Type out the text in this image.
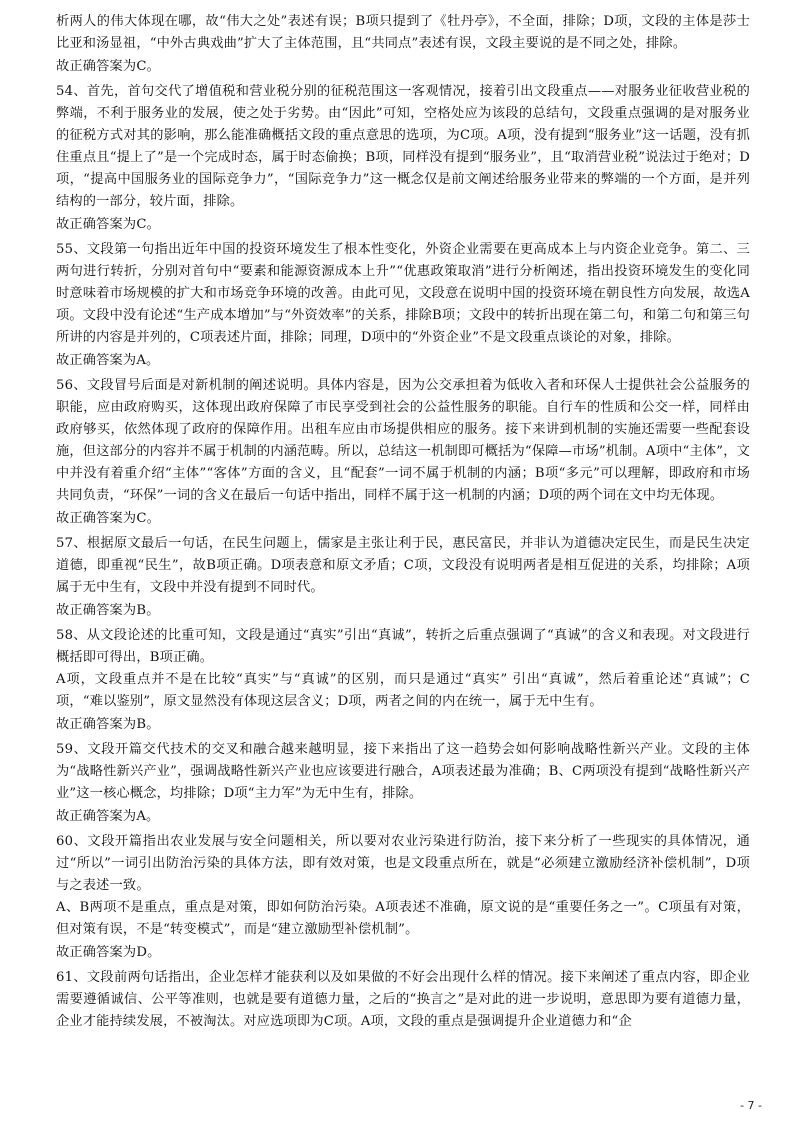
析两人的伟大体现在哪，故“伟大之处”表述有误；B项只提到了《牡丹亭》，不全面，排除；D项，文段的主体是莎士比亚和汤显祖，“中外古典戏曲”扩大了主体范围，且“共同点”表述有误，文段主要说的是不同之处，排除。

故正确答案为C。

54、首先，首句交代了增值税和营业税分别的征税范围这一客观情况，接着引出文段重点——对服务业征收营业税的弊端，不利于服务业的发展，使之处于劣势。由“因此”可知，空格处应为该段的总结句，文段重点强调的是对服务业的征税方式对其的影响，那么能准确概括文段的重点意思的选项，为C项。A项，没有提到“服务业”这一话题，没有抓住重点且“提上了”是一个完成时态，属于时态偷换；B项，同样没有提到“服务业”，且“取消营业税”说法过于绝对；D项，“提高中国服务业的国际竞争力”，“国际竞争力”这一概念仅是前文阐述给服务业带来的弊端的一个方面，是并列结构的一部分，较片面，排除。

故正确答案为C。

55、文段第一句指出近年中国的投资环境发生了根本性变化，外资企业需要在更高成本上与内资企业竞争。第二、三两句进行转折，分别对首句中“要素和能源资源成本上升”“优惠政策取消”进行分析阐述，指出投资环境发生的变化同时意味着市场规模的扩大和市场竞争环境的改善。由此可见，文段意在说明中国的投资环境在朝良性方向发展，故选A项。文段中没有论述“生产成本增加”与“外资效率”的关系，排除B项；文段中的转折出现在第二句，和第二句和第三句所讲的内容是并列的，C项表述片面，排除；同理，D项中的“外资企业”不是文段重点谈论的对象，排除。

故正确答案为A。

56、文段冒号后面是对新机制的阐述说明。具体内容是，因为公交承担着为低收入者和环保人士提供社会公益服务的职能，应由政府购买，这体现出政府保障了市民享受到社会的公益性服务的职能。自行车的性质和公交一样，同样由政府够买，依然体现了政府的保障作用。出租车应由市场提供相应的服务。接下来讲到机制的实施还需要一些配套设施，但这部分的内容并不属于机制的内涵范畴。所以，总结这一机制即可概括为“保障—市场”机制。A项中“主体”，文中并没有着重介绍“主体”“客体”方面的含义，且“配套”一词不属于机制的内涵；B项“多元”可以理解，即政府和市场共同负责，“环保”一词的含义在最后一句话中指出，同样不属于这一机制的内涵；D项的两个词在文中均无体现。

故正确答案为C。

57、根据原文最后一句话，在民生问题上，儒家是主张让利于民，惠民富民，并非认为道德决定民生，而是民生决定道德，即重视“民生”，故B项正确。D项表意和原文矛盾；C项，文段没有说明两者是相互促进的关系，均排除；A项属于无中生有，文段中并没有提到不同时代。

故正确答案为B。

58、从文段论述的比重可知，文段是通过“真实”引出“真诚”，转折之后重点强调了“真诚”的含义和表现。对文段进行概括即可得出，B项正确。

A项，文段重点并不是在比较“真实”与“真诚”的区别，而只是通过“真实” 引出“真诚”，然后着重论述“真诚”；C项，“难以鉴别”，原文显然没有体现这层含义；D项，两者之间的内在统一，属于无中生有。

故正确答案为B。

59、文段开篇交代技术的交叉和融合越来越明显，接下来指出了这一趋势会如何影响战略性新兴产业。文段的主体为“战略性新兴产业”，强调战略性新兴产业也应该要进行融合，A项表述最为准确；B、C两项没有提到“战略性新兴产业”这一核心概念，均排除；D项“主力军”为无中生有，排除。

故正确答案为A。

60、文段开篇指出农业发展与安全问题相关，所以要对农业污染进行防治，接下来分析了一些现实的具体情况，通过“所以”一词引出防治污染的具体方法，即有效对策，也是文段重点所在，就是“必须建立激励经济补偿机制”，D项与之表述一致。

A、B两项不是重点，重点是对策，即如何防治污染。A项表述不准确，原文说的是“重要任务之一”。C项虽有对策，但对策有误，不是“转变模式”，而是“建立激励型补偿机制”。

故正确答案为D。

61、文段前两句话指出，企业怎样才能获利以及如果做的不好会出现什么样的情况。接下来阐述了重点内容，即企业需要遵循诚信、公平等准则，也就是要有道德力量，之后的“换言之”是对此的进一步说明，意思即为要有道德力量，企业才能持续发展，不被淘汰。对应选项即为C项。A项，文段的重点是强调提升企业道德力和“企

- 7 -
